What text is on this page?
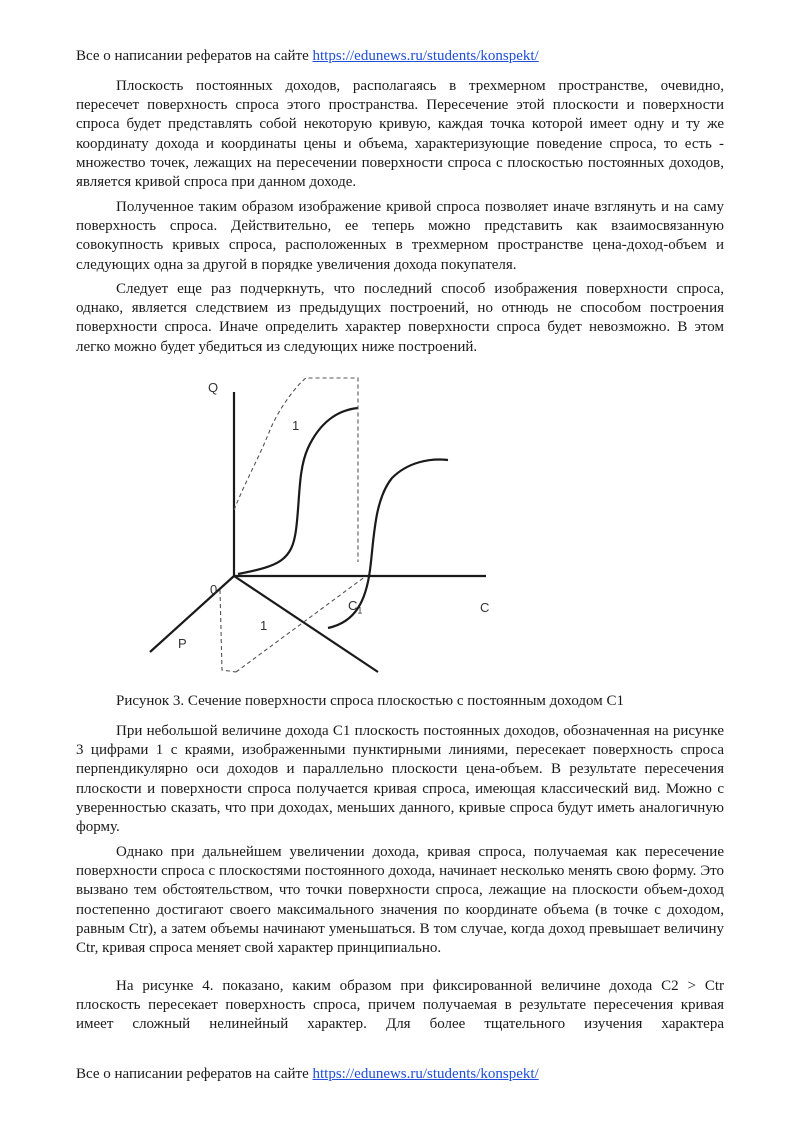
Все о написании рефератов на сайте https://edunews.ru/students/konspekt/

Плоскость постоянных доходов, располагаясь в трехмерном пространстве, очевидно, пересечет поверхность спроса этого пространства. Пересечение этой плоскости и поверхности спроса будет представлять собой некоторую кривую, каждая точка которой имеет одну и ту же координату дохода и координаты цены и объема, характеризующие поведение спроса, то есть - множество точек, лежащих на пересечении поверхности спроса с плоскостью постоянных доходов, является кривой спроса при данном доходе.

Полученное таким образом изображение кривой спроса позволяет иначе взглянуть и на саму поверхность спроса. Действительно, ее теперь можно представить как взаимосвязанную совокупность кривых спроса, расположенных в трехмерном пространстве цена-доход-объем и следующих одна за другой в порядке увеличения дохода покупателя.

Следует еще раз подчеркнуть, что последний способ изображения поверхности спроса, однако, является следствием из предыдущих построений, но отнюдь не способом построения поверхности спроса. Иначе определить характер поверхности спроса будет невозможно. В этом легко можно будет убедиться из следующих ниже построений.

Рисунок 3. Сечение поверхности спроса плоскостью с постоянным доходом С1

При небольшой величине дохода С1 плоскость постоянных доходов, обозначенная на рисунке 3 цифрами 1 с краями, изображенными пунктирными линиями, пересекает поверхность спроса перпендикулярно оси доходов и параллельно плоскости цена-объем. В результате пересечения плоскости и поверхности спроса получается кривая спроса, имеющая классический вид. Можно с уверенностью сказать, что при доходах, меньших данного, кривые спроса будут иметь аналогичную форму.

Однако при дальнейшем увеличении дохода, кривая спроса, получаемая как пересечение поверхности спроса с плоскостями постоянного дохода, начинает несколько менять свою форму. Это вызвано тем обстоятельством, что точки поверхности спроса, лежащие на плоскости объем-доход постепенно достигают своего максимального значения по координате объема (в точке с доходом, равным Ctr), а затем объемы начинают уменьшаться. В том случае, когда доход превышает величину Ctr, кривая спроса меняет свой характер принципиально.

На рисунке 4. показано, каким образом при фиксированной величине дохода С2 > Ctr плоскость пересекает поверхность спроса, причем получаемая в результате пересечения кривая имеет сложный нелинейный характер. Для более тщательного изучения характера

Q
0
P
C
$C_1$
1
1
Все о написании рефератов на сайте https://edunews.ru/students/konspekt/
